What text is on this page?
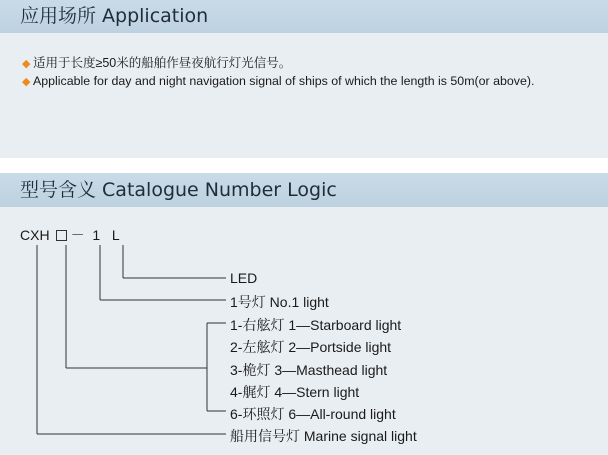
应用场所 Application
◆ 适用于长度≥50米的船舶作昼夜航行灯光信号。
◆ Applicable for day and night navigation signal of ships of which the length is 50m(or above).
型号含义 Catalogue Number Logic
CXH － 1 L
LED
1号灯 No.1 light
1-右舷灯 1—Starboard light
2-左舷灯 2—Portside light
3-桅灯 3—Masthead light
4-艉灯 4—Stern light
6-环照灯 6—All-round light
船用信号灯 Marine signal light
